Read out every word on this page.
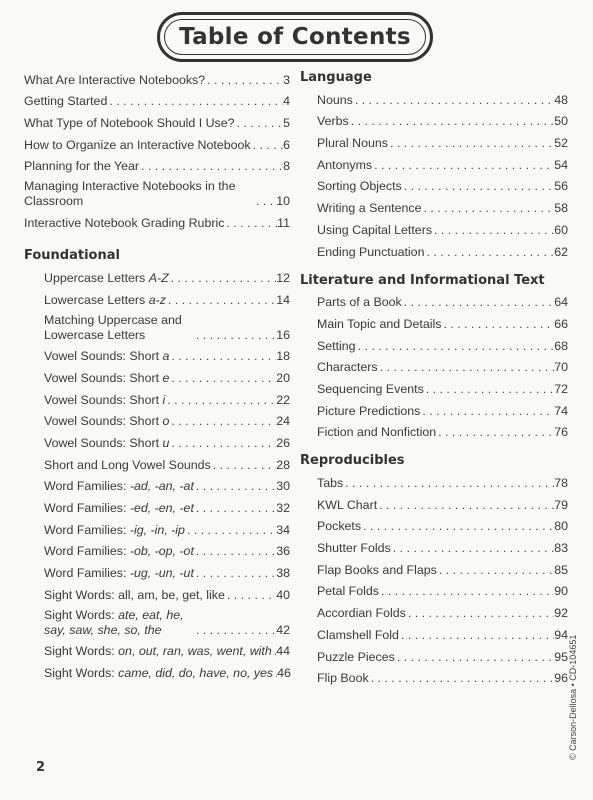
Table of Contents
What Are Interactive Notebooks? . . .	3
Getting Started . . .	4
What Type of Notebook Should I Use? . . .	5
How to Organize an Interactive Notebook . . .	6
Planning for the Year . . .	8
Managing Interactive Notebooks in the Classroom . . .	10
Interactive Notebook Grading Rubric . . .	11
Foundational
Uppercase Letters A-Z . . .	12
Lowercase Letters a-z . . .	14
Matching Uppercase and Lowercase Letters . . .	16
Vowel Sounds: Short a . . .	18
Vowel Sounds: Short e . . .	20
Vowel Sounds: Short i . . .	22
Vowel Sounds: Short o . . .	24
Vowel Sounds: Short u . . .	26
Short and Long Vowel Sounds . . .	28
Word Families: -ad, -an, -at . . .	30
Word Families: -ed, -en, -et . . .	32
Word Families: -ig, -in, -ip . . .	34
Word Families: -ob, -op, -ot . . .	36
Word Families: -ug, -un, -ut . . .	38
Sight Words: all, am, be, get, like . . .	40
Sight Words: ate, eat, he, say, saw, she, so, the . . .	42
Sight Words: on, out, ran, was, went, with . . . 44
Sight Words: came, did, do, have, no, yes . . . 46
Language
Nouns . . .	48
Verbs . . .	50
Plural Nouns . . .	52
Antonyms . . .	54
Sorting Objects . . .	56
Writing a Sentence . . .	58
Using Capital Letters . . .	60
Ending Punctuation . . .	62
Literature and Informational Text
Parts of a Book . . .	64
Main Topic and Details . . .	66
Setting . . .	68
Characters . . .	70
Sequencing Events . . .	72
Picture Predictions . . .	74
Fiction and Nonfiction . . .	76
Reproducibles
Tabs . . .	78
KWL Chart . . .	79
Pockets . . .	80
Shutter Folds . . .	83
Flap Books and Flaps . . .	85
Petal Folds . . .	90
Accordian Folds . . .	92
Clamshell Fold . . .	94
Puzzle Pieces . . .	95
Flip Book . . .	96
2
© Carson-Dellosa • CD-104651
